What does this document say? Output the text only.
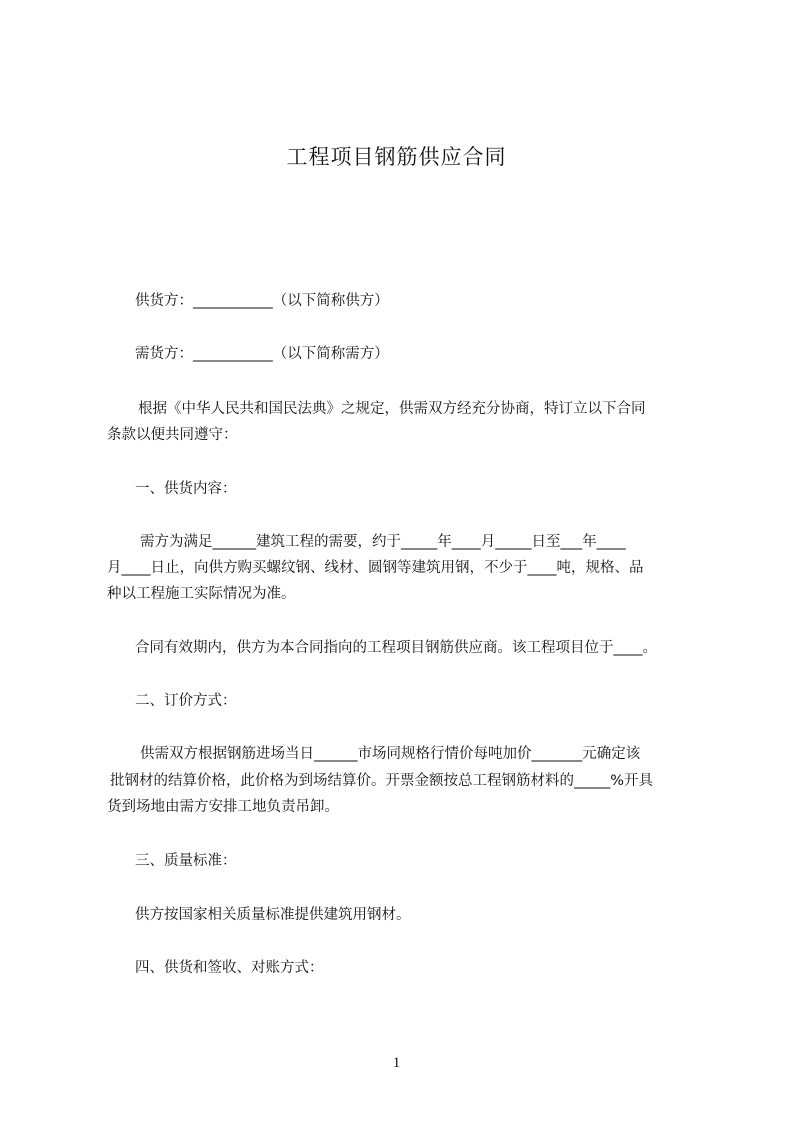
工程项目钢筋供应合同
供货方：___________（以下简称供方）
需货方：___________（以下简称需方）
根据《中华人民共和国民法典》之规定，供需双方经充分协商，特订立以下合同
条款以便共同遵守：
一、供货内容：
需方为满足______建筑工程的需要，约于_____年____月_____日至___年____
月____日止，向供方购买螺纹钢、线材、圆钢等建筑用钢，不少于____吨，规格、品
种以工程施工实际情况为准。
合同有效期内，供方为本合同指向的工程项目钢筋供应商。该工程项目位于____。
二、订价方式：
供需双方根据钢筋进场当日______市场同规格行情价每吨加价_______元确定该
批钢材的结算价格，此价格为到场结算价。开票金额按总工程钢筋材料的_____%开具
货到场地由需方安排工地负责吊卸。
三、质量标准：
供方按国家相关质量标准提供建筑用钢材。
四、供货和签收、对账方式：
1
